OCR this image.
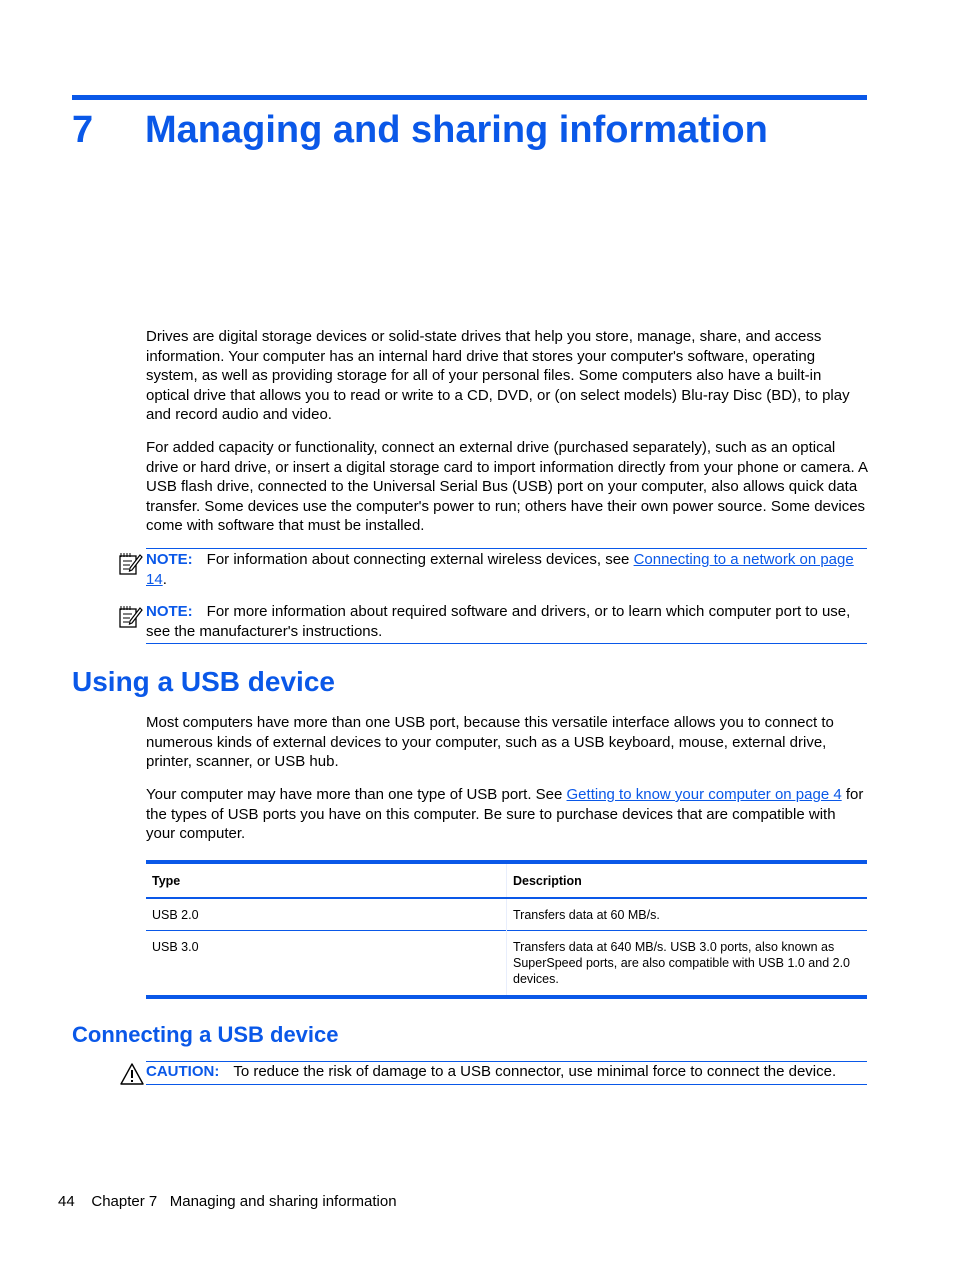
7 Managing and sharing information
Drives are digital storage devices or solid-state drives that help you store, manage, share, and access information. Your computer has an internal hard drive that stores your computer's software, operating system, as well as providing storage for all of your personal files. Some computers also have a built-in optical drive that allows you to read or write to a CD, DVD, or (on select models) Blu-ray Disc (BD), to play and record audio and video.
For added capacity or functionality, connect an external drive (purchased separately), such as an optical drive or hard drive, or insert a digital storage card to import information directly from your phone or camera. A USB flash drive, connected to the Universal Serial Bus (USB) port on your computer, also allows quick data transfer. Some devices use the computer's power to run; others have their own power source. Some devices come with software that must be installed.
NOTE: For information about connecting external wireless devices, see Connecting to a network on page 14.
NOTE: For more information about required software and drivers, or to learn which computer port to use, see the manufacturer's instructions.
Using a USB device
Most computers have more than one USB port, because this versatile interface allows you to connect to numerous kinds of external devices to your computer, such as a USB keyboard, mouse, external drive, printer, scanner, or USB hub.
Your computer may have more than one type of USB port. See Getting to know your computer on page 4 for the types of USB ports you have on this computer. Be sure to purchase devices that are compatible with your computer.
Type	Description
USB 2.0	Transfers data at 60 MB/s.
USB 3.0	Transfers data at 640 MB/s. USB 3.0 ports, also known as SuperSpeed ports, are also compatible with USB 1.0 and 2.0 devices.
Connecting a USB device
CAUTION: To reduce the risk of damage to a USB connector, use minimal force to connect the device.
44 Chapter 7 Managing and sharing information
